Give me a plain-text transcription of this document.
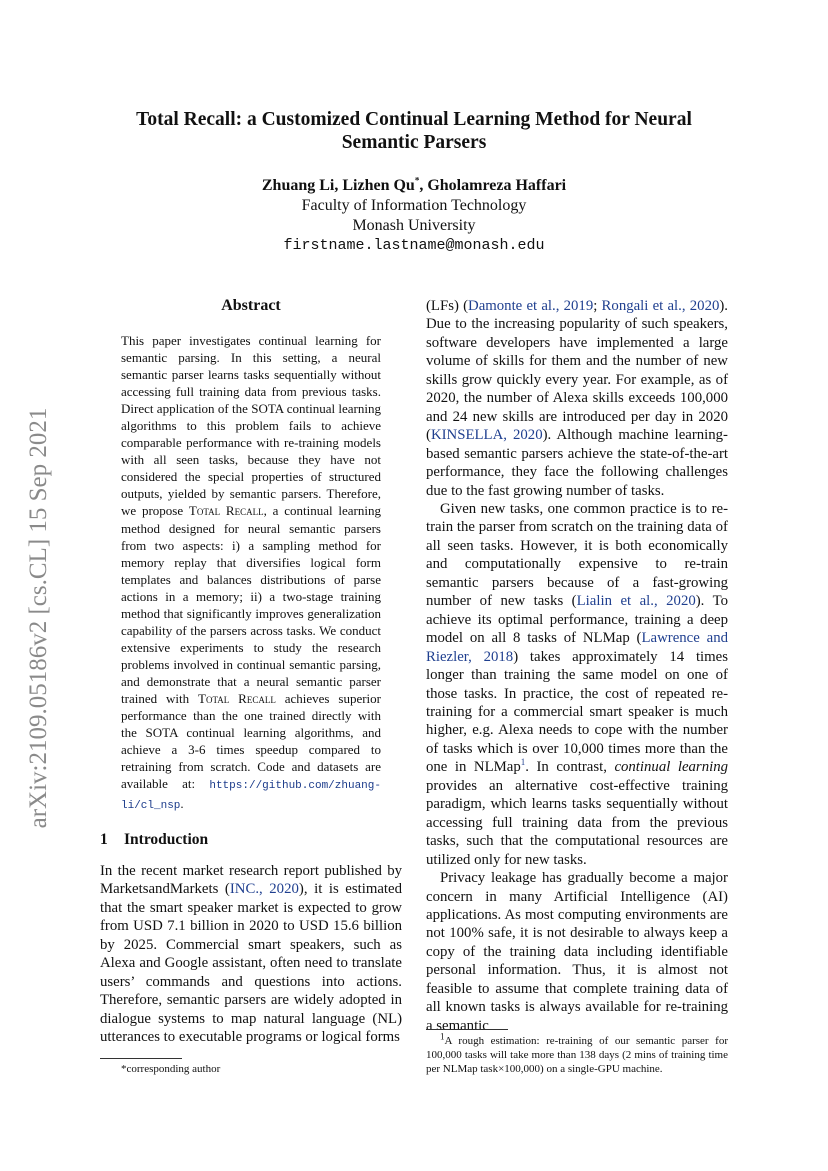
arXiv:2109.05186v2 [cs.CL] 15 Sep 2021
Total Recall: a Customized Continual Learning Method for Neural Semantic Parsers
Zhuang Li, Lizhen Qu*, Gholamreza Haffari
Faculty of Information Technology
Monash University
firstname.lastname@monash.edu
Abstract
This paper investigates continual learning for semantic parsing. In this setting, a neural semantic parser learns tasks sequentially without accessing full training data from previous tasks. Direct application of the SOTA continual learning algorithms to this problem fails to achieve comparable performance with re-training models with all seen tasks, because they have not considered the special properties of structured outputs, yielded by semantic parsers. Therefore, we propose Total Recall, a continual learning method designed for neural semantic parsers from two aspects: i) a sampling method for memory replay that diversifies logical form templates and balances distributions of parse actions in a memory; ii) a two-stage training method that significantly improves generalization capability of the parsers across tasks. We conduct extensive experiments to study the research problems involved in continual semantic parsing, and demonstrate that a neural semantic parser trained with Total Recall achieves superior performance than the one trained directly with the SOTA continual learning algorithms, and achieve a 3-6 times speedup compared to retraining from scratch. Code and datasets are available at: https://github.com/zhuang-li/cl_nsp.
1 Introduction

In the recent market research report published by MarketsandMarkets (INC., 2020), it is estimated that the smart speaker market is expected to grow from USD 7.1 billion in 2020 to USD 15.6 billion by 2025. Commercial smart speakers, such as Alexa and Google assistant, often need to translate users’ commands and questions into actions. Therefore, semantic parsers are widely adopted in dialogue systems to map natural language (NL) utterances to executable programs or logical forms

*corresponding author

(LFs) (Damonte et al., 2019; Rongali et al., 2020). Due to the increasing popularity of such speakers, software developers have implemented a large volume of skills for them and the number of new skills grow quickly every year. For example, as of 2020, the number of Alexa skills exceeds 100,000 and 24 new skills are introduced per day in 2020 (KINSELLA, 2020). Although machine learning-based semantic parsers achieve the state-of-the-art performance, they face the following challenges due to the fast growing number of tasks.

Given new tasks, one common practice is to re-train the parser from scratch on the training data of all seen tasks. However, it is both economically and computationally expensive to re-train semantic parsers because of a fast-growing number of new tasks (Lialin et al., 2020). To achieve its optimal performance, training a deep model on all 8 tasks of NLMap (Lawrence and Riezler, 2018) takes approximately 14 times longer than training the same model on one of those tasks. In practice, the cost of repeated re-training for a commercial smart speaker is much higher, e.g. Alexa needs to cope with the number of tasks which is over 10,000 times more than the one in NLMap$^1$. In contrast, continual learning provides an alternative cost-effective training paradigm, which learns tasks sequentially without accessing full training data from the previous tasks, such that the computational resources are utilized only for new tasks.

Privacy leakage has gradually become a major concern in many Artificial Intelligence (AI) applications. As most computing environments are not 100% safe, it is not desirable to always keep a copy of the training data including identifiable personal information. Thus, it is almost not feasible to assume that complete training data of all known tasks is always available for re-training a semantic

$^1$A rough estimation: re-training of our semantic parser for 100,000 tasks will take more than 138 days (2 mins of training time per NLMap task×100,000) on a single-GPU machine.
